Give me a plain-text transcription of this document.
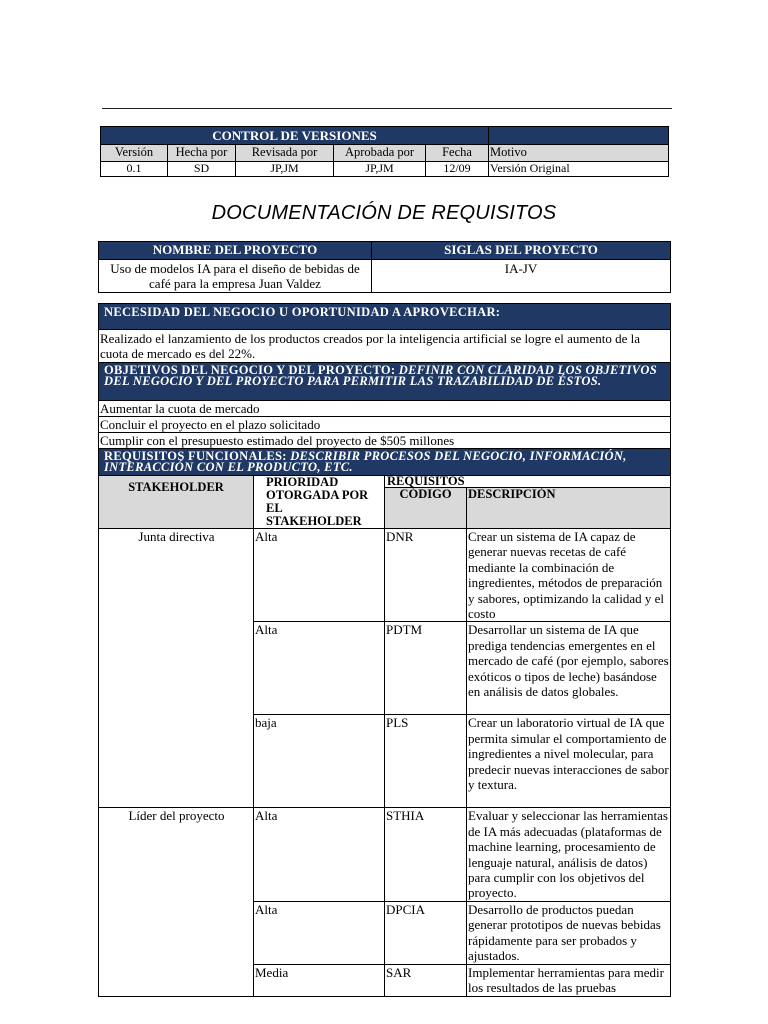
CONTROL DE VERSIONES					
Versión	Hecha por	Revisada por	Aprobada por	Fecha	Motivo
0.1	SD	JP,JM	JP,JM	12/09	Versión Original
DOCUMENTACIÓN DE REQUISITOS
NOMBRE DEL PROYECTO	SIGLAS DEL PROYECTO
Uso de modelos IA para el diseño de bebidas de café para la empresa Juan Valdez	IA-JV
NECESIDAD DEL NEGOCIO U OPORTUNIDAD A APROVECHAR:			
Realizado el lanzamiento de los productos creados por la inteligencia artificial se logre el aumento de la cuota de mercado es del 22%.			
OBJETIVOS DEL NEGOCIO Y DEL PROYECTO: DEFINIR CON CLARIDAD LOS OBJETIVOS DEL NEGOCIO Y DEL PROYECTO PARA PERMITIR LAS TRAZABILIDAD DE ÉSTOS.			
Aumentar la cuota de mercado			
Concluir el proyecto en el plazo solicitado			
Cumplir con el presupuesto estimado del proyecto de $505 millones			
REQUISITOS FUNCIONALES: DESCRIBIR PROCESOS DEL NEGOCIO, INFORMACIÓN, INTERACCIÓN CON EL PRODUCTO, ETC.			
STAKEHOLDER	PRIORIDAD OTORGADA POR EL STAKEHOLDER	REQUISITOS	
		CÓDIGO	DESCRIPCIÓN
Junta directiva	Alta	DNR	Crear un sistema de IA capaz de generar nuevas recetas de café mediante la combinación de ingredientes, métodos de preparación y sabores, optimizando la calidad y el costo
	Alta	PDTM	Desarrollar un sistema de IA que prediga tendencias emergentes en el mercado de café (por ejemplo, sabores exóticos o tipos de leche) basándose en análisis de datos globales.
	baja	PLS	Crear un laboratorio virtual de IA que permita simular el comportamiento de ingredientes a nivel molecular, para predecir nuevas interacciones de sabor y textura.
Líder del proyecto	Alta	STHIA	Evaluar y seleccionar las herramientas de IA más adecuadas (plataformas de machine learning, procesamiento de lenguaje natural, análisis de datos) para cumplir con los objetivos del proyecto.
	Alta	DPCIA	Desarrollo de productos puedan generar prototipos de nuevas bebidas rápidamente para ser probados y ajustados.
	Media	SAR	Implementar herramientas para medir los resultados de las pruebas
